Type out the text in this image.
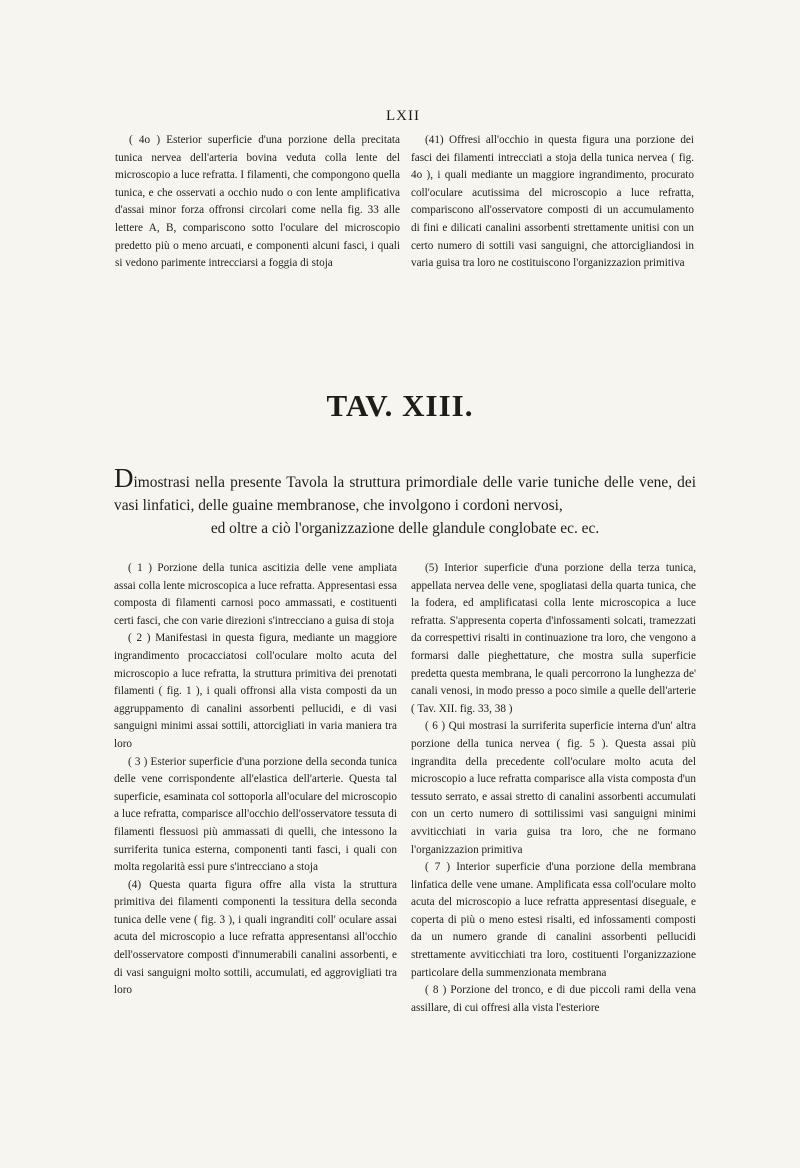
LXII

( 4o ) Esterior superficie d'una porzione della precitata tunica nervea dell'arteria bovina veduta colla lente del microscopio a luce refratta. I filamenti, che compongono quella tunica, e che osservati a occhio nudo o con lente amplificativa d'assai minor forza offronsi circolari come nella fig. 33 alle lettere A, B, compariscono sotto l'oculare del microscopio predetto più o meno arcuati, e componenti alcuni fasci, i quali si vedono parimente intrecciarsi a foggia di stoja

(41) Offresi all'occhio in questa figura una porzione dei fasci dei filamenti intrecciati a stoja della tunica nervea ( fig. 4o ), i quali mediante un maggiore ingrandimento, procurato coll'oculare acutissima del microscopio a luce refratta, compariscono all'osservatore composti di un accumulamento di fini e dilicati canalini assorbenti strettamente unitisi con un certo numero di sottili vasi sanguigni, che attorcigliandosi in varia guisa tra loro ne costituiscono l'organizzazion primitiva

TAV. XIII.
Dimostrasi nella presente Tavola la struttura primordiale delle varie tuniche delle vene, dei vasi linfatici, delle guaine membranose, che involgono i cordoni nervosi,
ed oltre a ciò l'organizzazione delle glandule conglobate ec. ec.

( 1 ) Porzione della tunica ascitizia delle vene ampliata assai colla lente microscopica a luce refratta. Appresentasi essa composta di filamenti carnosi poco ammassati, e costituenti certi fasci, che con varie direzioni s'intrecciano a guisa di stoja

( 2 ) Manifestasi in questa figura, mediante un maggiore ingrandimento procacciatosi coll'oculare molto acuta del microscopio a luce refratta, la struttura primitiva dei prenotati filamenti ( fig. 1 ), i quali offronsi alla vista composti da un aggruppamento di canalini assorbenti pellucidi, e di vasi sanguigni minimi assai sottili, attorcigliati in varia maniera tra loro

( 3 ) Esterior superficie d'una porzione della seconda tunica delle vene corrispondente all'elastica dell'arterie. Questa tal superficie, esaminata col sottoporla all'oculare del microscopio a luce refratta, comparisce all'occhio dell'osservatore tessuta di filamenti flessuosi più ammassati di quelli, che intessono la surriferita tunica esterna, componenti tanti fasci, i quali con molta regolarità essi pure s'intrecciano a stoja

(4) Questa quarta figura offre alla vista la struttura primitiva dei filamenti componenti la tessitura della seconda tunica delle vene ( fig. 3 ), i quali ingranditi coll' oculare assai acuta del microscopio a luce refratta appresentansi all'occhio dell'osservatore composti d'innumerabili canalini assorbenti, e di vasi sanguigni molto sottili, accumulati, ed aggrovigliati tra loro

(5) Interior superficie d'una porzione della terza tunica, appellata nervea delle vene, spogliatasi della quarta tunica, che la fodera, ed amplificatasi colla lente microscopica a luce refratta. S'appresenta coperta d'infossamenti solcati, tramezzati da correspettivi risalti in continuazione tra loro, che vengono a formarsi dalle pieghettature, che mostra sulla superficie predetta questa membrana, le quali percorrono la lunghezza de' canali venosi, in modo presso a poco simile a quelle dell'arterie ( Tav. XII. fig. 33, 38 )

( 6 ) Qui mostrasi la surriferita superficie interna d'un' altra porzione della tunica nervea ( fig. 5 ). Questa assai più ingrandita della precedente coll'oculare molto acuta del microscopio a luce refratta comparisce alla vista composta d'un tessuto serrato, e assai stretto di canalini assorbenti accumulati con un certo numero di sottilissimi vasi sanguigni minimi avviticchiati in varia guisa tra loro, che ne formano l'organizzazion primitiva

( 7 ) Interior superficie d'una porzione della membrana linfatica delle vene umane. Amplificata essa coll'oculare molto acuta del microscopio a luce refratta appresentasi diseguale, e coperta di più o meno estesi risalti, ed infossamenti composti da un numero grande di canalini assorbenti pellucidi strettamente avviticchiati tra loro, costituenti l'organizzazione particolare della summenzionata membrana

( 8 ) Porzione del tronco, e di due piccoli rami della vena assillare, di cui offresi alla vista l'esteriore
